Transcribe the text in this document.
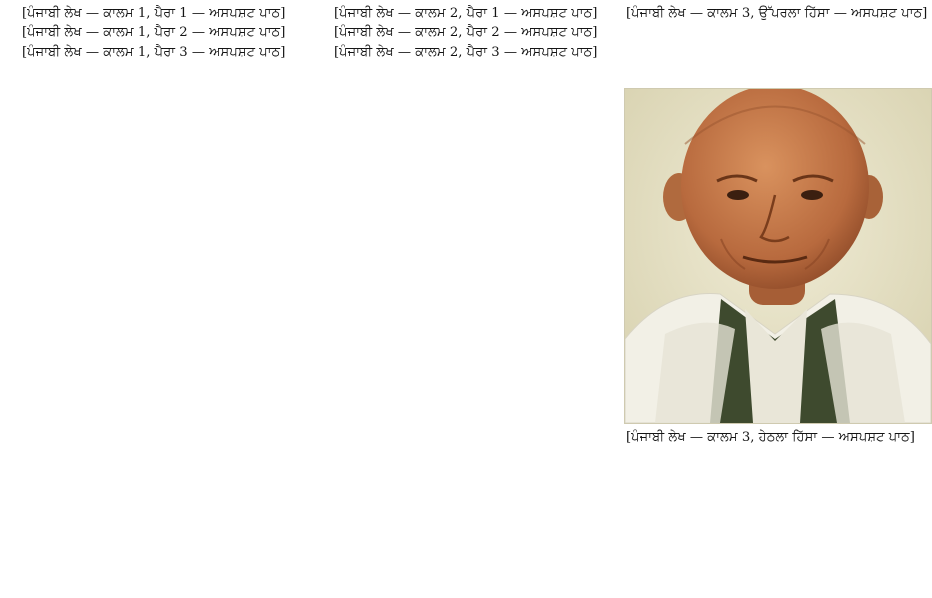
[ਪੰਜਾਬੀ ਲੇਖ — ਕਾਲਮ 1, ਪੈਰਾ 1 — ਅਸਪਸ਼ਟ ਪਾਠ]

[ਪੰਜਾਬੀ ਲੇਖ — ਕਾਲਮ 1, ਪੈਰਾ 2 — ਅਸਪਸ਼ਟ ਪਾਠ]

[ਪੰਜਾਬੀ ਲੇਖ — ਕਾਲਮ 1, ਪੈਰਾ 3 — ਅਸਪਸ਼ਟ ਪਾਠ]

[ਪੰਜਾਬੀ ਲੇਖ — ਕਾਲਮ 2, ਪੈਰਾ 1 — ਅਸਪਸ਼ਟ ਪਾਠ]

[ਪੰਜਾਬੀ ਲੇਖ — ਕਾਲਮ 2, ਪੈਰਾ 2 — ਅਸਪਸ਼ਟ ਪਾਠ]

[ਪੰਜਾਬੀ ਲੇਖ — ਕਾਲਮ 2, ਪੈਰਾ 3 — ਅਸਪਸ਼ਟ ਪਾਠ]

[ਪੰਜਾਬੀ ਲੇਖ — ਕਾਲਮ 3, ਉੱਪਰਲਾ ਹਿੱਸਾ — ਅਸਪਸ਼ਟ ਪਾਠ]

[ਪੰਜਾਬੀ ਲੇਖ — ਕਾਲਮ 3, ਹੇਠਲਾ ਹਿੱਸਾ — ਅਸਪਸ਼ਟ ਪਾਠ]
